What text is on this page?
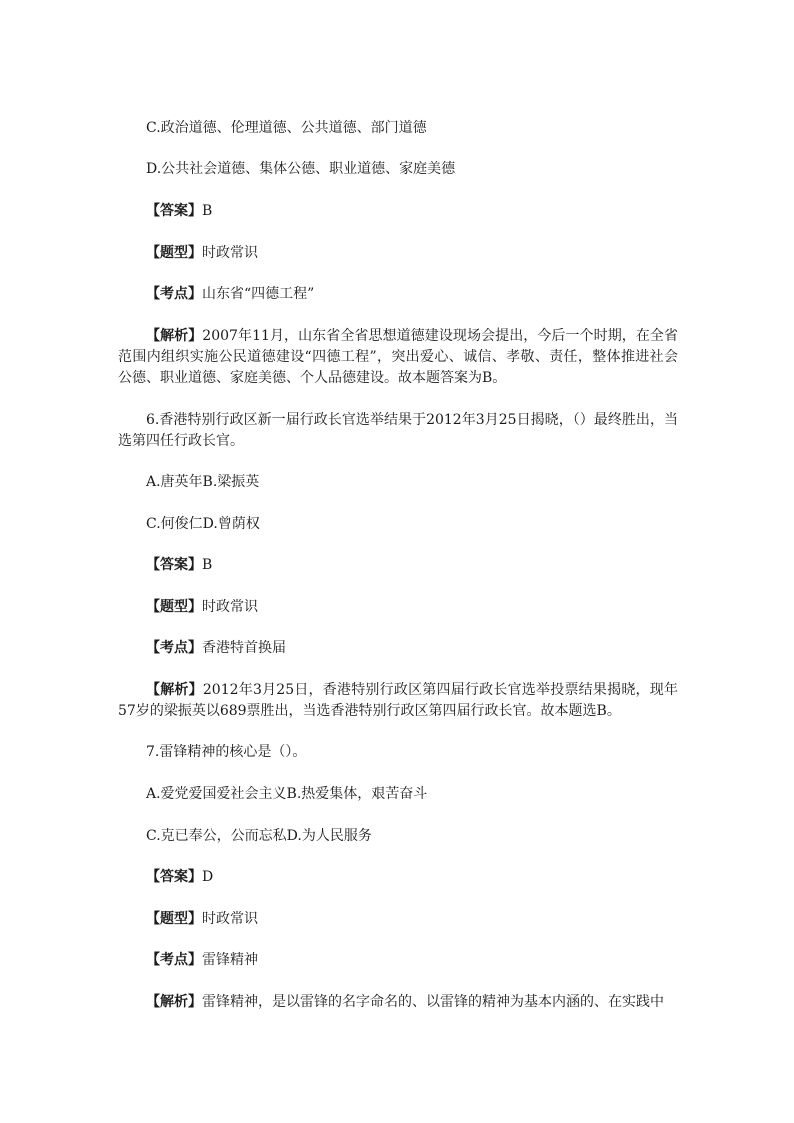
C.政治道德、伦理道德、公共道德、部门道德
D.公共社会道德、集体公德、职业道德、家庭美德
【答案】B
【题型】时政常识
【考点】山东省“四德工程”
【解析】2007年11月，山东省全省思想道德建设现场会提出，今后一个时期，在全省范围内组织实施公民道德建设“四德工程”，突出爱心、诚信、孝敬、责任，整体推进社会公德、职业道德、家庭美德、个人品德建设。故本题答案为B。
6.香港特别行政区新一届行政长官选举结果于2012年3月25日揭晓，（）最终胜出，当选第四任行政长官。
A.唐英年B.梁振英
C.何俊仁D.曾荫权
【答案】B
【题型】时政常识
【考点】香港特首换届
【解析】2012年3月25日，香港特别行政区第四届行政长官选举投票结果揭晓，现年57岁的梁振英以689票胜出，当选香港特别行政区第四届行政长官。故本题选B。
7.雷锋精神的核心是（）。
A.爱党爱国爱社会主义B.热爱集体，艰苦奋斗
C.克已奉公，公而忘私D.为人民服务
【答案】D
【题型】时政常识
【考点】雷锋精神
【解析】雷锋精神，是以雷锋的名字命名的、以雷锋的精神为基本内涵的、在实践中
